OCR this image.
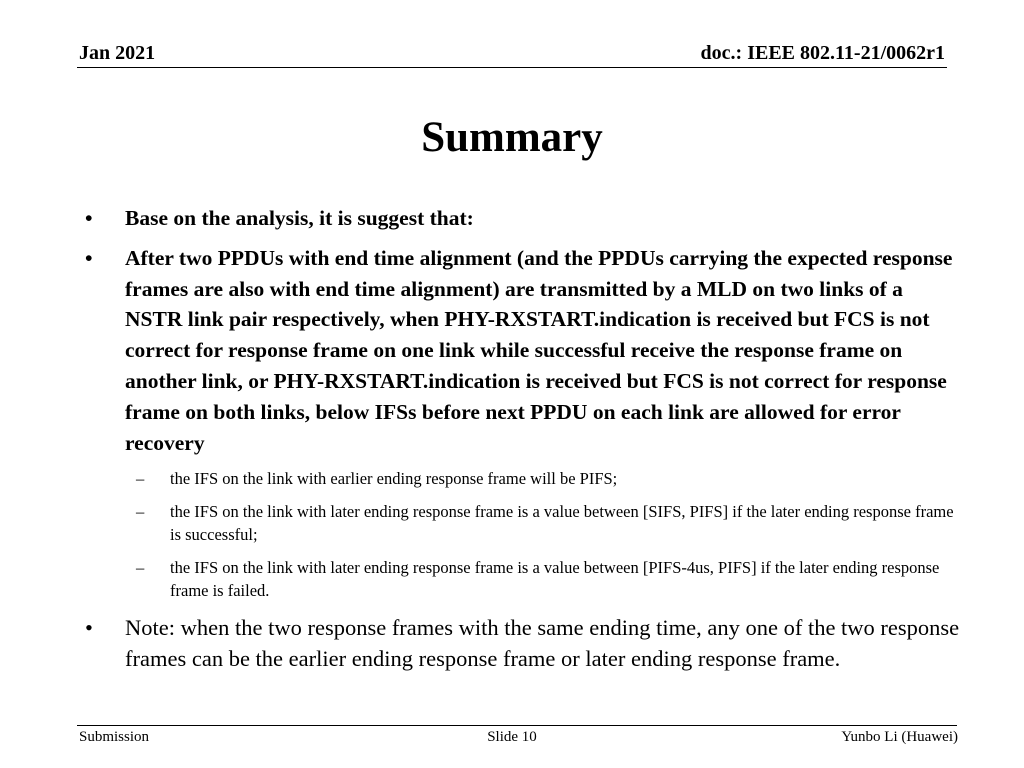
Jan 2021	doc.: IEEE 802.11-21/0062r1
Summary
• Base on the analysis, it is suggest that:
• After two PPDUs with end time alignment (and the PPDUs carrying the expected response frames are also with end time alignment) are transmitted by a MLD on two links of a NSTR link pair respectively, when PHY-RXSTART.indication is received but FCS is not correct for response frame on one link while successful receive the response frame on another link, or PHY-RXSTART.indication is received but FCS is not correct for response frame on both links, below IFSs before next PPDU on each link are allowed for error recovery
– the IFS on the link with earlier ending response frame will be PIFS;
– the IFS on the link with later ending response frame is a value between [SIFS, PIFS] if the later ending response frame is successful;
– the IFS on the link with later ending response frame is a value between [PIFS-4us, PIFS] if the later ending response frame is failed.
• Note: when the two response frames with the same ending time, any one of the two response frames can be the earlier ending response frame or later ending response frame.
Submission	Slide 10	Yunbo Li (Huawei)
